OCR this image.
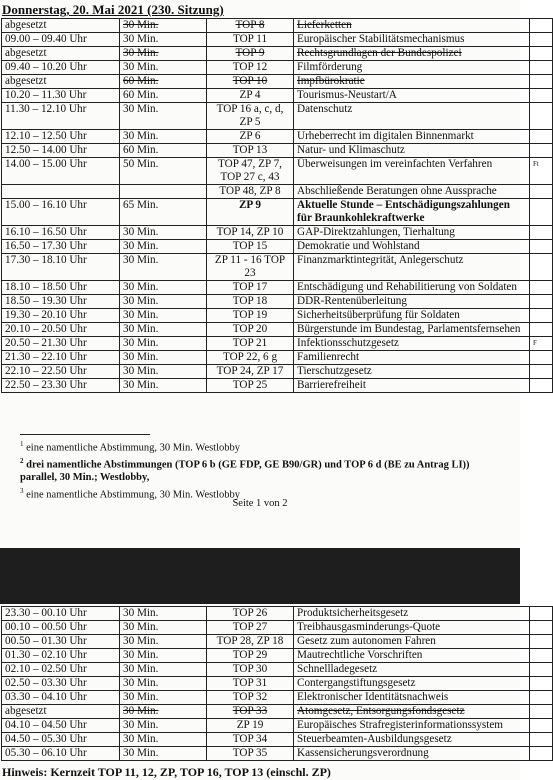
Donnerstag, 20. Mai 2021 (230. Sitzung)
abgesetzt	30 Min.	TOP 8	Lieferketten	
09.00 – 09.40 Uhr	30 Min.	TOP 11	Europäischer Stabilitätsmechanismus	
abgesetzt	30 Min.	TOP 9	Rechtsgrundlagen der Bundespolizei	
09.40 – 10.20 Uhr	30 Min.	TOP 12	Filmförderung	
abgesetzt	60 Min.	TOP 10	Impfbürokratie	
10.20 – 11.30 Uhr	60 Min.	ZP 4	Tourismus-Neustart/A	
11.30 – 12.10 Uhr	30 Min.	TOP 16 a, c, d, ZP 5	Datenschutz	
12.10 – 12.50 Uhr	30 Min.	ZP 6	Urheberrecht im digitalen Binnenmarkt	
12.50 – 14.00 Uhr	60 Min.	TOP 13	Natur- und Klimaschutz	
14.00 – 15.00 Uhr	50 Min.	TOP 47, ZP 7, TOP 27 c, 43	Überweisungen im vereinfachten Verfahren	Ft
		TOP 48, ZP 8	Abschließende Beratungen ohne Aussprache	
15.00 – 16.10 Uhr	65 Min.	ZP 9	Aktuelle Stunde – Entschädigungszahlungen für Braunkohlekraftwerke	
16.10 – 16.50 Uhr	30 Min.	TOP 14, ZP 10	GAP-Direktzahlungen, Tierhaltung	
16.50 – 17.30 Uhr	30 Min.	TOP 15	Demokratie und Wohlstand	
17.30 – 18.10 Uhr	30 Min.	ZP 11 - 16 TOP 23	Finanzmarktintegrität, Anlegerschutz	
18.10 – 18.50 Uhr	30 Min.	TOP 17	Entschädigung und Rehabilitierung von Soldaten	
18.50 – 19.30 Uhr	30 Min.	TOP 18	DDR-Rentenüberleitung	
19.30 – 20.10 Uhr	30 Min.	TOP 19	Sicherheitsüberprüfung für Soldaten	
20.10 – 20.50 Uhr	30 Min.	TOP 20	Bürgerstunde im Bundestag, Parlamentsfernsehen	
20.50 – 21.30 Uhr	30 Min.	TOP 21	Infektionsschutzgesetz	F
21.30 – 22.10 Uhr	30 Min.	TOP 22, 6 g	Familienrecht	
22.10 – 22.50 Uhr	30 Min.	TOP 24, ZP 17	Tierschutzgesetz	
22.50 – 23.30 Uhr	30 Min.	TOP 25	Barrierefreiheit	
$^1$ eine namentliche Abstimmung, 30 Min. Westlobby
$^2$ drei namentliche Abstimmungen (TOP 6 b (GE FDP, GE B90/GR) und TOP 6 d (BE zu Antrag LI)) parallel, 30 Min.; Westlobby,
$^3$ eine namentliche Abstimmung, 30 Min. Westlobby
Seite 1 von 2
23.30 – 00.10 Uhr	30 Min.	TOP 26	Produktsicherheitsgesetz	
00.10 – 00.50 Uhr	30 Min.	TOP 27	Treibhausgasminderungs-Quote	
00.50 – 01.30 Uhr	30 Min.	TOP 28, ZP 18	Gesetz zum autonomen Fahren	
01.30 – 02.10 Uhr	30 Min.	TOP 29	Mautrechtliche Vorschriften	
02.10 – 02.50 Uhr	30 Min.	TOP 30	Schnellladegesetz	
02.50 – 03.30 Uhr	30 Min.	TOP 31	Contergangstiftungsgesetz	
03.30 – 04.10 Uhr	30 Min.	TOP 32	Elektronischer Identitätsnachweis	
abgesetzt	30 Min.	TOP 33	Atomgesetz, Entsorgungsfondsgesetz	
04.10 – 04.50 Uhr	30 Min.	ZP 19	Europäisches Strafregisterinformationssystem	
04.50 – 05.30 Uhr	30 Min.	TOP 34	Steuerbeamten-Ausbildungsgesetz	
05.30 – 06.10 Uhr	30 Min.	TOP 35	Kassensicherungsverordnung	
Hinweis: Kernzeit TOP 11, 12, ZP, TOP 16, TOP 13 (einschl. ZP)
